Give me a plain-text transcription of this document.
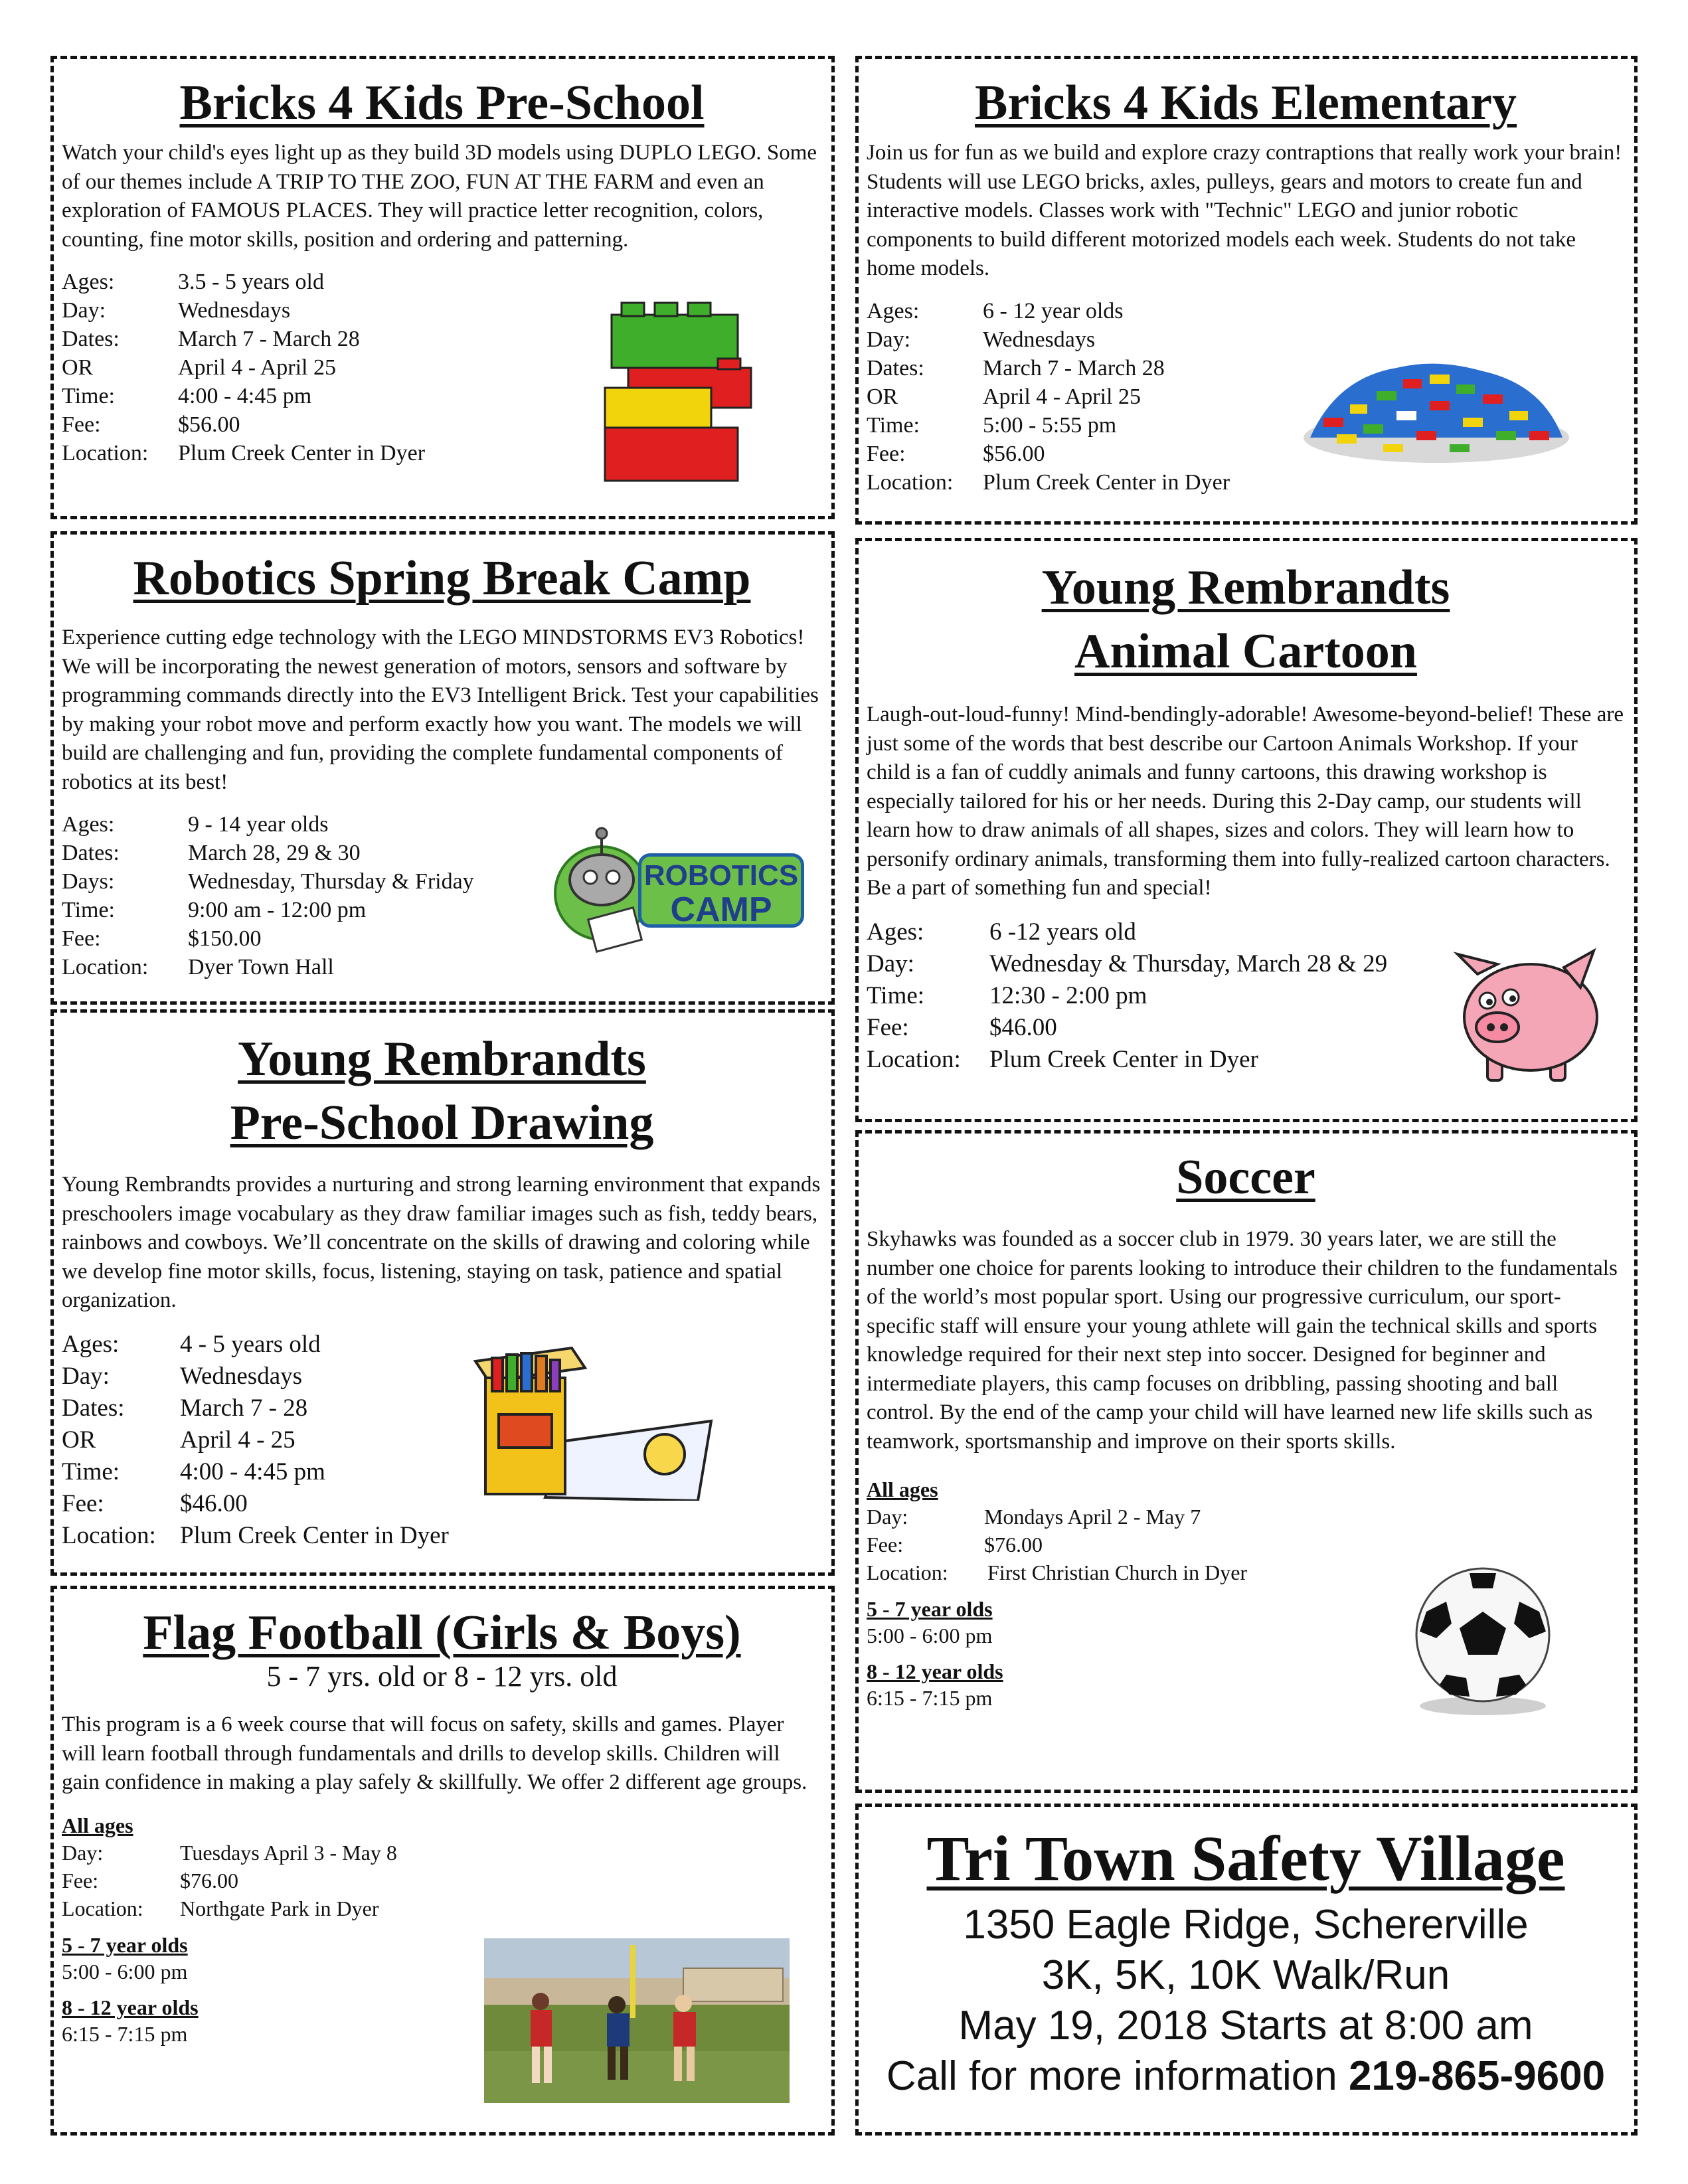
Bricks 4 Kids Pre-School

Watch your child's eyes light up as they build 3D models using DUPLO LEGO. Some of our themes include A TRIP TO THE ZOO, FUN AT THE FARM and even an exploration of FAMOUS PLACES. They will practice letter recognition, colors, counting, fine motor skills, position and ordering and patterning.

Ages:	3.5 - 5 years old
Day:	Wednesdays
Dates:	March 7 - March 28
OR	April 4 - April 25
Time:	4:00 - 4:45 pm
Fee:	$56.00
Location:	Plum Creek Center in Dyer
Bricks 4 Kids Elementary

Join us for fun as we build and explore crazy contraptions that really work your brain! Students will use LEGO bricks, axles, pulleys, gears and motors to create fun and interactive models. Classes work with "Technic" LEGO and junior robotic components to build different motorized models each week. Students do not take home models.

Ages:	6 - 12 year olds
Day:	Wednesdays
Dates:	March 7 - March 28
OR	April 4 - April 25
Time:	5:00 - 5:55 pm
Fee:	$56.00
Location:	Plum Creek Center in Dyer
Robotics Spring Break Camp

Experience cutting edge technology with the LEGO MINDSTORMS EV3 Robotics! We will be incorporating the newest generation of motors, sensors and software by programming commands directly into the EV3 Intelligent Brick. Test your capabilities by making your robot move and perform exactly how you want. The models we will build are challenging and fun, providing the complete fundamental components of robotics at its best!

Ages:	9 - 14 year olds
Dates:	March 28, 29 & 30
Days:	Wednesday, Thursday & Friday
Time:	9:00 am - 12:00 pm
Fee:	$150.00
Location:	Dyer Town Hall
ROBOTICS
CAMP
Young Rembrandts
Animal Cartoon

Laugh-out-loud-funny! Mind-bendingly-adorable! Awesome-beyond-belief! These are just some of the words that best describe our Cartoon Animals Workshop. If your child is a fan of cuddly animals and funny cartoons, this drawing workshop is especially tailored for his or her needs. During this 2-Day camp, our students will learn how to draw animals of all shapes, sizes and colors. They will learn how to personify ordinary animals, transforming them into fully-realized cartoon characters. Be a part of something fun and special!

Ages:	6 -12 years old
Day:	Wednesday & Thursday, March 28 & 29
Time:	12:30 - 2:00 pm
Fee:	$46.00
Location:	Plum Creek Center in Dyer
Young Rembrandts
Pre-School Drawing

Young Rembrandts provides a nurturing and strong learning environment that expands preschoolers image vocabulary as they draw familiar images such as fish, teddy bears, rainbows and cowboys. We’ll concentrate on the skills of drawing and coloring while we develop fine motor skills, focus, listening, staying on task, patience and spatial organization.

Ages:	4 - 5 years old
Day:	Wednesdays
Dates:	March 7 - 28
OR	April 4 - 25
Time:	4:00 - 4:45 pm
Fee:	$46.00
Location: Plum Creek Center in Dyer
Soccer

Skyhawks was founded as a soccer club in 1979. 30 years later, we are still the number one choice for parents looking to introduce their children to the fundamentals of the world’s most popular sport. Using our progressive curriculum, our sport-specific staff will ensure your young athlete will gain the technical skills and sports knowledge required for their next step into soccer. Designed for beginner and intermediate players, this camp focuses on dribbling, passing shooting and ball control. By the end of the camp your child will have learned new life skills such as teamwork, sportsmanship and improve on their sports skills.

All ages
Day:	Mondays April 2 - May 7
Fee:	$76.00
Location:	First Christian Church in Dyer
5 - 7 year olds
5:00 - 6:00 pm
8 - 12 year olds
6:15 - 7:15 pm
Flag Football (Girls & Boys)
5 - 7 yrs. old or 8 - 12 yrs. old

This program is a 6 week course that will focus on safety, skills and games. Player will learn football through fundamentals and drills to develop skills. Children will gain confidence in making a play safely & skillfully. We offer 2 different age groups.

All ages
Day:	Tuesdays April 3 - May 8
Fee:	$76.00
Location:	Northgate Park in Dyer
5 - 7 year olds
5:00 - 6:00 pm
8 - 12 year olds
6:15 - 7:15 pm
Tri Town Safety Village
1350 Eagle Ridge, Schererville
3K, 5K, 10K Walk/Run
May 19, 2018 Starts at 8:00 am
Call for more information 219-865-9600
